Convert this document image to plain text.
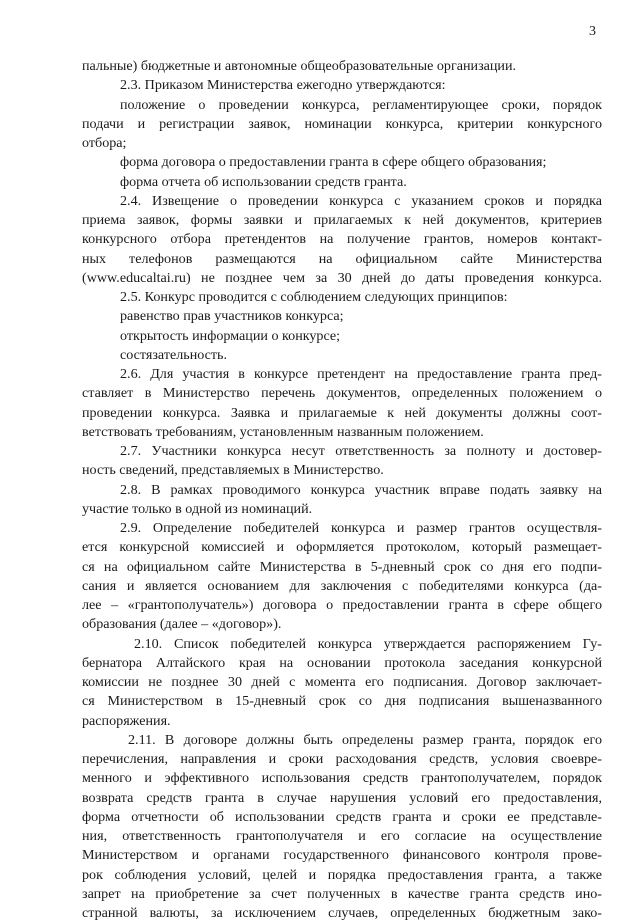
3
пальные) бюджетные и автономные общеобразовательные организации.
2.3. Приказом Министерства ежегодно утверждаются:
положение о проведении конкурса, регламентирующее сроки, порядок
подачи и регистрации заявок, номинации конкурса, критерии конкурсного
отбора;
форма договора о предоставлении гранта в сфере общего образования;
форма отчета об использовании средств гранта.
2.4. Извещение о проведении конкурса с указанием сроков и порядка
приема заявок, формы заявки и прилагаемых к ней документов, критериев
конкурсного отбора претендентов на получение грантов, номеров контакт-
ных телефонов размещаются на официальном сайте Министерства
(www.educaltai.ru) не позднее чем за 30 дней до даты проведения конкурса.
2.5. Конкурс проводится с соблюдением следующих принципов:
равенство прав участников конкурса;
открытость информации о конкурсе;
состязательность.
2.6. Для участия в конкурсе претендент на предоставление гранта пред-
ставляет в Министерство перечень документов, определенных положением о
проведении конкурса. Заявка и прилагаемые к ней документы должны соот-
ветствовать требованиям, установленным названным положением.
2.7. Участники конкурса несут ответственность за полноту и достовер-
ность сведений, представляемых в Министерство.
2.8. В рамках проводимого конкурса участник вправе подать заявку на
участие только в одной из номинаций.
2.9. Определение победителей конкурса и размер грантов осуществля-
ется конкурсной комиссией и оформляется протоколом, который размещает-
ся на официальном сайте Министерства в 5-дневный срок со дня его подпи-
сания и является основанием для заключения с победителями конкурса (да-
лее – «грантополучатель») договора о предоставлении гранта в сфере общего
образования (далее – «договор»).
2.10. Список победителей конкурса утверждается распоряжением Гу-
бернатора Алтайского края на основании протокола заседания конкурсной
комиссии не позднее 30 дней с момента его подписания. Договор заключает-
ся Министерством в 15-дневный срок со дня подписания вышеназванного
распоряжения.
2.11. В договоре должны быть определены размер гранта, порядок его
перечисления, направления и сроки расходования средств, условия своевре-
менного и эффективного использования средств грантополучателем, порядок
возврата средств гранта в случае нарушения условий его предоставления,
форма отчетности об использовании средств гранта и сроки ее представле-
ния, ответственность грантополучателя и его согласие на осуществление
Министерством и органами государственного финансового контроля прове-
рок соблюдения условий, целей и порядка предоставления гранта, а также
запрет на приобретение за счет полученных в качестве гранта средств ино-
странной валюты, за исключением случаев, определенных бюджетным зако-
